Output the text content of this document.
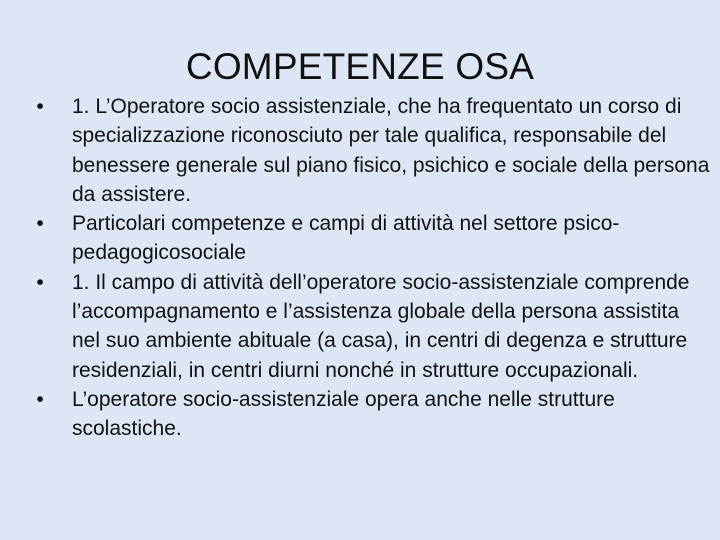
COMPETENZE OSA
•	1. L’Operatore socio assistenziale, che ha frequentato un corso di specializzazione riconosciuto per tale qualifica, responsabile del benessere generale sul piano fisico, psichico e sociale della persona da assistere.
•	Particolari competenze e campi di attività nel settore psico-pedagogicosociale
•	1. Il campo di attività dell’operatore socio-assistenziale comprende l’accompagnamento e l’assistenza globale della persona assistita nel suo ambiente abituale (a casa), in centri di degenza e strutture residenziali, in centri diurni nonché in strutture occupazionali.
•	L’operatore socio-assistenziale opera anche nelle strutture scolastiche.
